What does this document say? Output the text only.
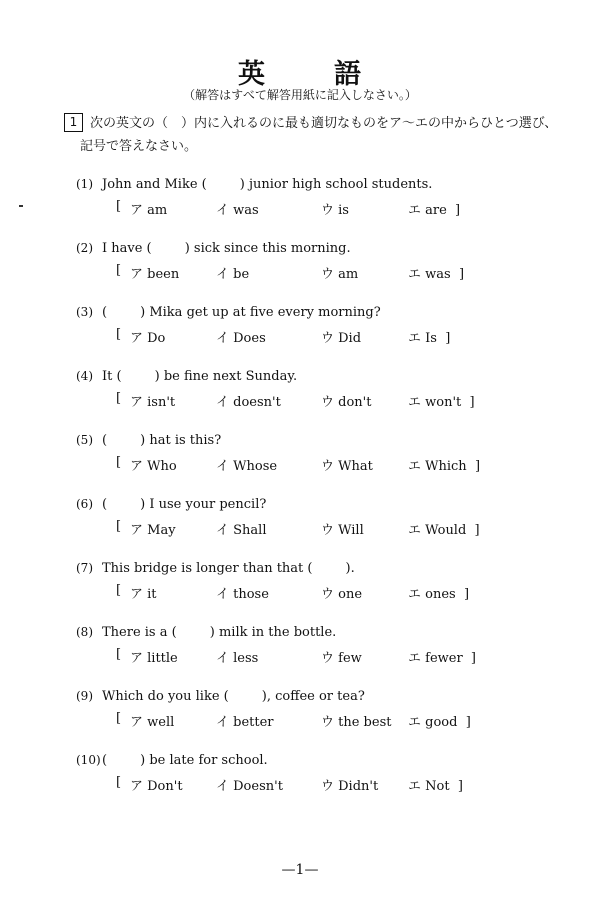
英 語
（解答はすべて解答用紙に記入しなさい。）
1 次の英文の（　）内に入れるのに最も適切なものをア～エの中からひとつ選び、
記号で答えなさい。
(1) John and Mike (        ) junior high school students.
[ ア am	イ was	ウ is	エ are  ]
(2) I have (        ) sick since this morning.
[ ア been	イ be	ウ am	エ was  ]
(3) (        ) Mika get up at five every morning?
[ ア Do	イ Does	ウ Did	エ Is  ]
(4) It (        ) be fine next Sunday.
[ ア isn't	イ doesn't	ウ don't	エ won't  ]
(5) (        ) hat is this?
[ ア Who	イ Whose	ウ What	エ Which  ]
(6) (        ) I use your pencil?
[ ア May	イ Shall	ウ Will	エ Would  ]
(7) This bridge is longer than that (        ).
[ ア it	イ those	ウ one	エ ones  ]
(8) There is a (        ) milk in the bottle.
[ ア little	イ less	ウ few	エ fewer  ]
(9) Which do you like (        ), coffee or tea?
[ ア well	イ better	ウ the best エ good  ]
(10) (        ) be late for school.
[ ア Don't	イ Doesn't	ウ Didn't エ Not  ]
—1—
